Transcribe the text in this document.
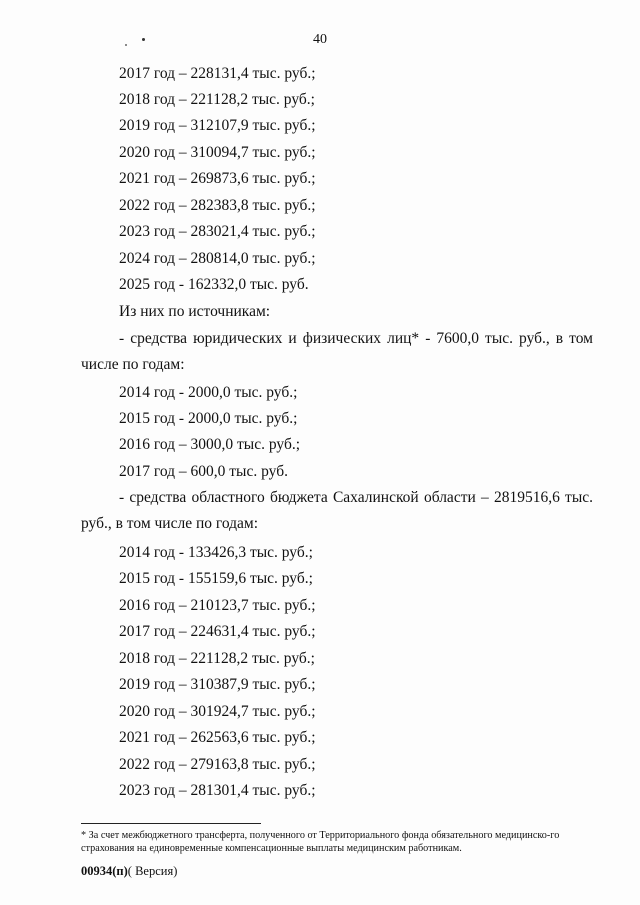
40
2017 год – 228131,4 тыс. руб.;
2018 год – 221128,2 тыс. руб.;
2019 год – 312107,9 тыс. руб.;
2020 год – 310094,7 тыс. руб.;
2021 год – 269873,6 тыс. руб.;
2022 год – 282383,8 тыс. руб.;
2023 год – 283021,4 тыс. руб.;
2024 год – 280814,0 тыс. руб.;
2025 год - 162332,0 тыс. руб.
Из них по источникам:
- средства юридических и физических лиц* - 7600,0 тыс. руб., в том
числе по годам:
2014 год - 2000,0 тыс. руб.;
2015 год - 2000,0 тыс. руб.;
2016 год – 3000,0 тыс. руб.;
2017 год – 600,0 тыс. руб.
- средства областного бюджета Сахалинской области – 2819516,6 тыс.
руб., в том числе по годам:
2014 год - 133426,3 тыс. руб.;
2015 год - 155159,6 тыс. руб.;
2016 год – 210123,7 тыс. руб.;
2017 год – 224631,4 тыс. руб.;
2018 год – 221128,2 тыс. руб.;
2019 год – 310387,9 тыс. руб.;
2020 год – 301924,7 тыс. руб.;
2021 год – 262563,6 тыс. руб.;
2022 год – 279163,8 тыс. руб.;
2023 год – 281301,4 тыс. руб.;
* За счет межбюджетного трансферта, полученного от Территориального фонда обязательного медицинско-го страхования на единовременные компенсационные выплаты медицинским работникам.
00934(п)( Версия)
